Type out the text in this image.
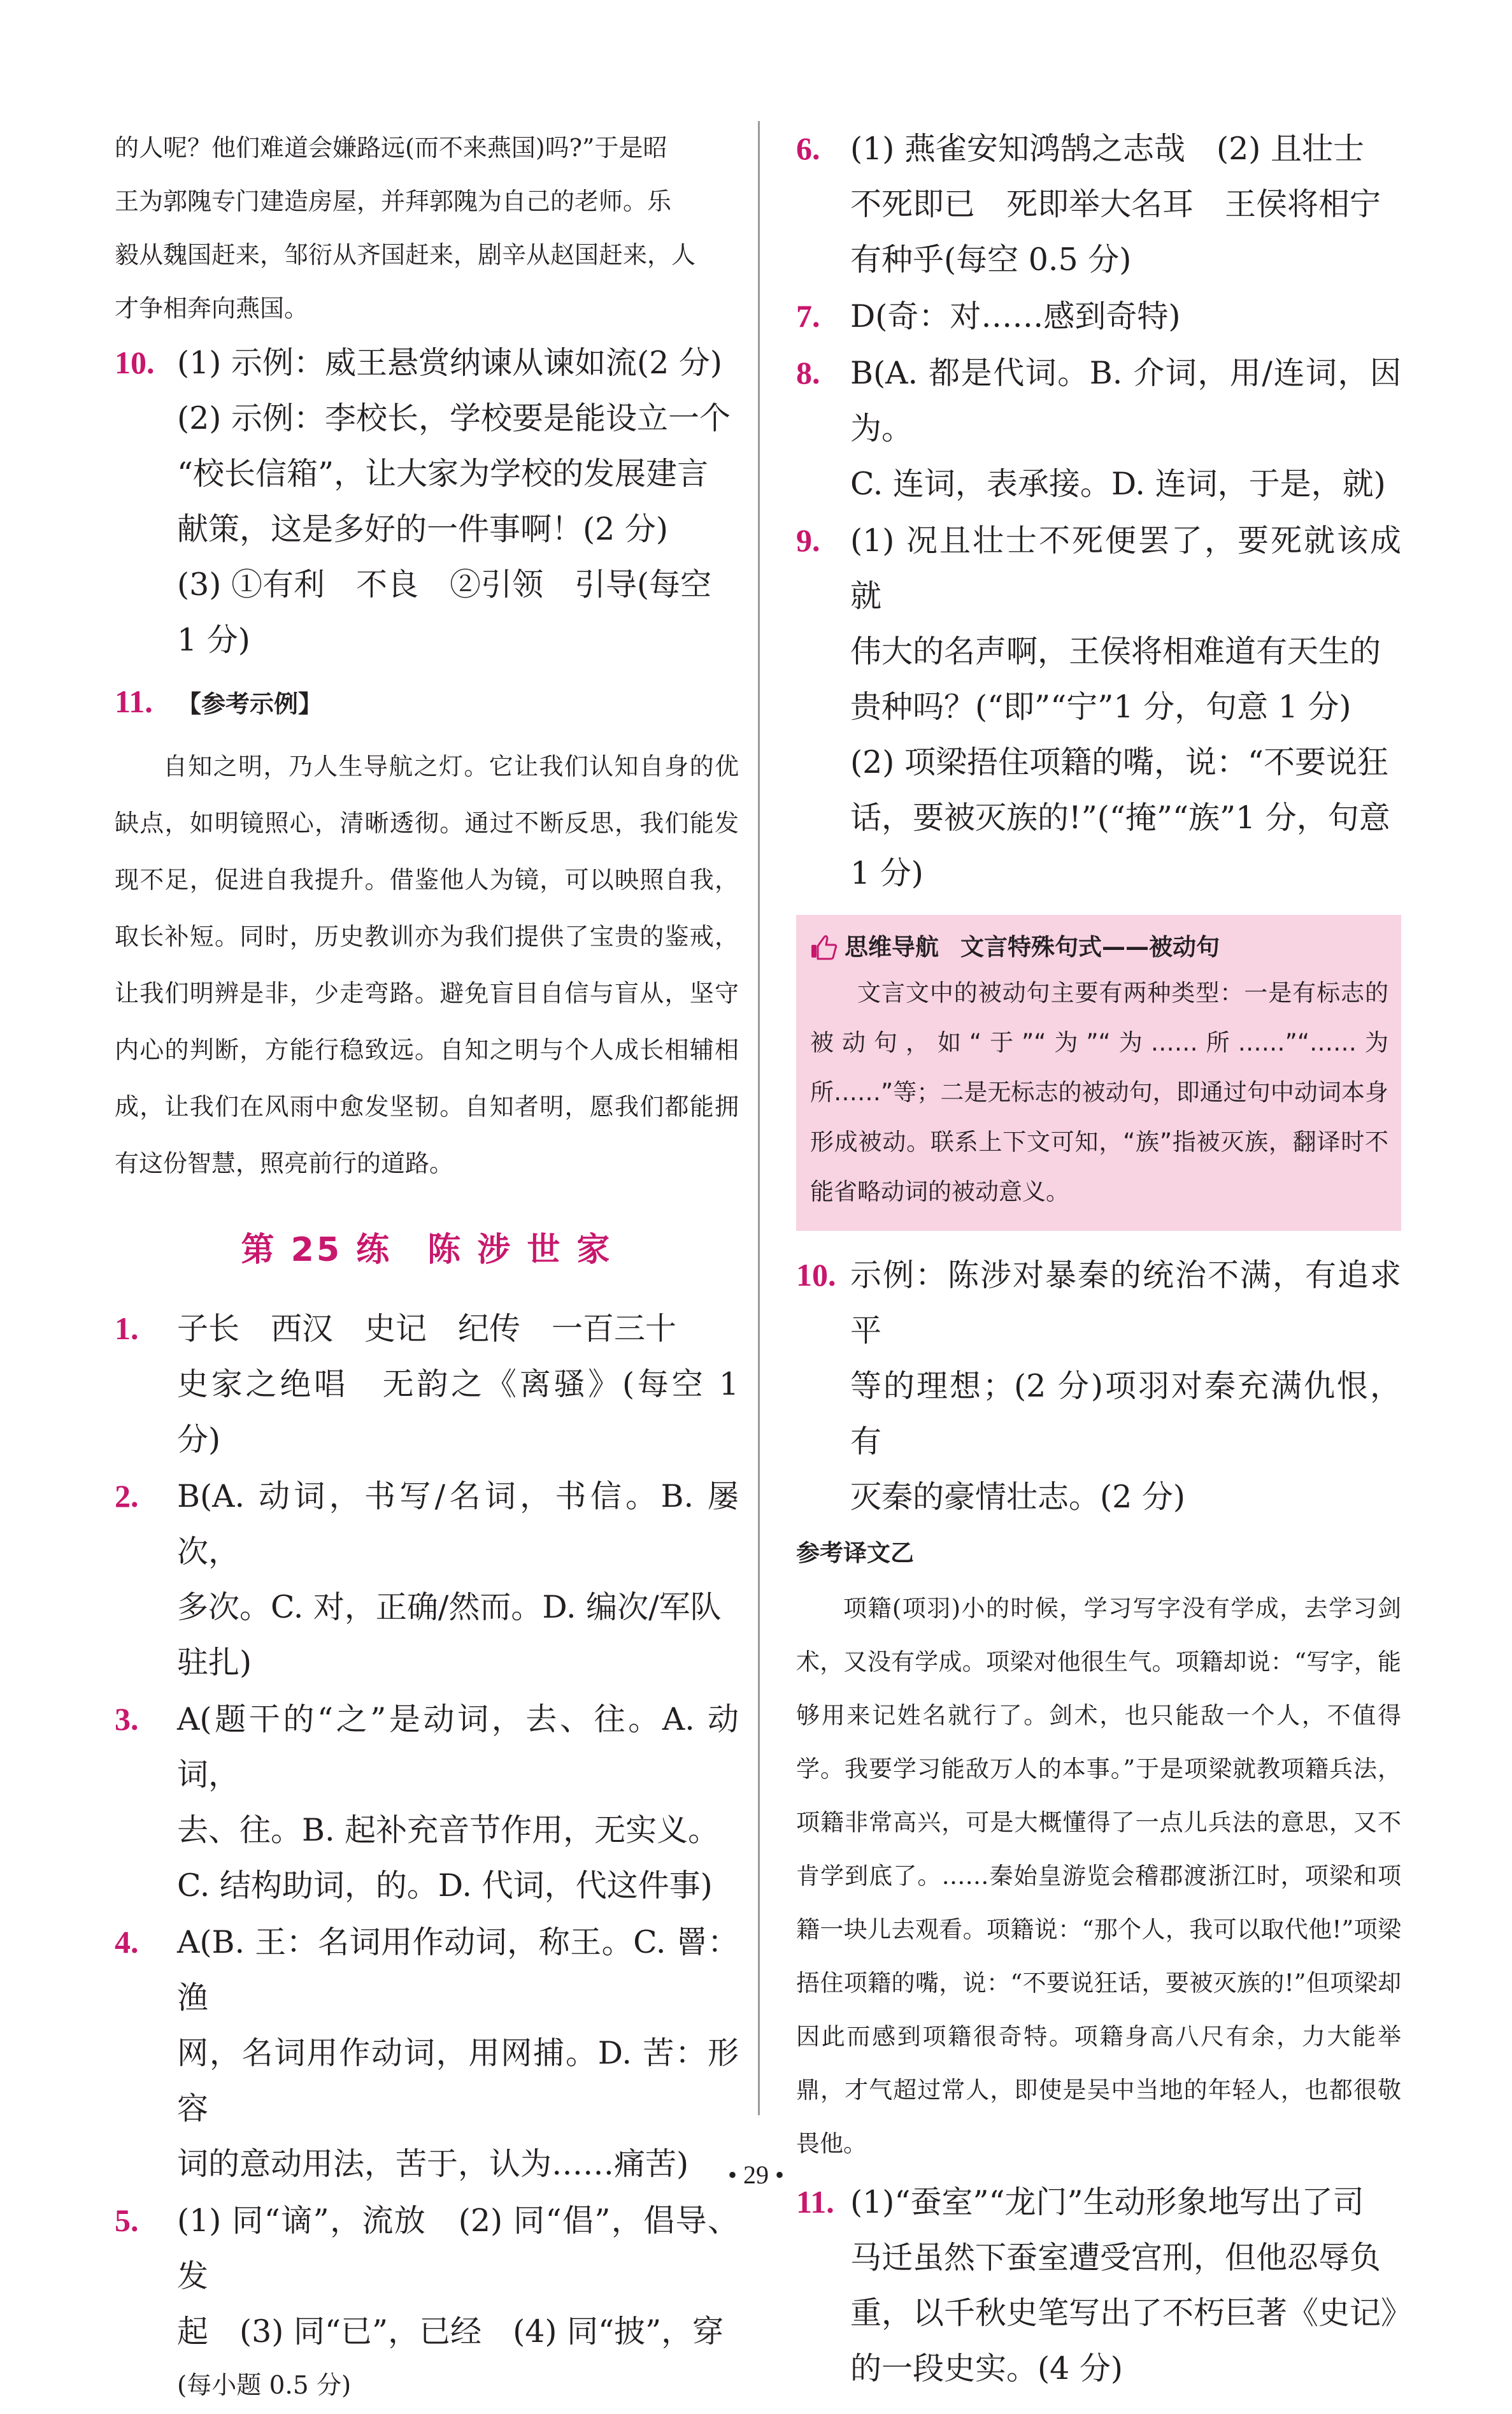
的人呢？他们难道会嫌路远(而不来燕国)吗?”于是昭
王为郭隗专门建造房屋，并拜郭隗为自己的老师。乐
毅从魏国赶来，邹衍从齐国赶来，剧辛从赵国赶来，人
才争相奔向燕国。
10. (1) 示例：威王悬赏纳谏从谏如流(2 分)
(2) 示例：李校长，学校要是能设立一个
“校长信箱”，让大家为学校的发展建言
献策，这是多好的一件事啊！(2 分)
(3) ①有利　不良　②引领　引导(每空
1 分)
11. 【参考示例】

自知之明，乃人生导航之灯。它让我们认知自身的优缺点，如明镜照心，清晰透彻。通过不断反思，我们能发现不足，促进自我提升。借鉴他人为镜，可以映照自我，取长补短。同时，历史教训亦为我们提供了宝贵的鉴戒，让我们明辨是非，少走弯路。避免盲目自信与盲从，坚守内心的判断，方能行稳致远。自知之明与个人成长相辅相成，让我们在风雨中愈发坚韧。自知者明，愿我们都能拥有这份智慧，照亮前行的道路。

第 25 练　陈 涉 世 家
1. 子长　西汉　史记　纪传　一百三十
史家之绝唱　无韵之《离骚》(每空 1 分)
2. B(A. 动词，书写/名词，书信。B. 屡次，
多次。C. 对，正确/然而。D. 编次/军队
驻扎)
3. A(题干的“之”是动词，去、往。A. 动词，
去、往。B. 起补充音节作用，无实义。
C. 结构助词，的。D. 代词，代这件事)
4. A(B. 王：名词用作动词，称王。C. 罾：渔
网，名词用作动词，用网捕。D. 苦：形容
词的意动用法，苦于，认为……痛苦)
5. (1) 同“谪”，流放　(2) 同“倡”，倡导、发
起　(3) 同“已”，已经　(4) 同“披”，穿
(每小题 0.5 分)
6. (1) 燕雀安知鸿鹄之志哉　(2) 且壮士
不死即已　死即举大名耳　王侯将相宁
有种乎(每空 0.5 分)
7. D(奇：对……感到奇特)
8. B(A. 都是代词。B. 介词，用/连词，因为。
C. 连词，表承接。D. 连词，于是，就)
9. (1) 况且壮士不死便罢了，要死就该成就
伟大的名声啊，王侯将相难道有天生的
贵种吗？(“即”“宁”1 分，句意 1 分)
(2) 项梁捂住项籍的嘴，说：“不要说狂
话，要被灭族的!”(“掩”“族”1 分，句意
1 分)
思维导航 文言特殊句式——被动句

文言文中的被动句主要有两种类型：一是有标志的被动句，如“于”“为”“为……所……”“……为所……”等；二是无标志的被动句，即通过句中动词本身形成被动。联系上下文可知，“族”指被灭族，翻译时不能省略动词的被动意义。

10. 示例：陈涉对暴秦的统治不满，有追求平
等的理想；(2 分)项羽对秦充满仇恨，有
灭秦的豪情壮志。(2 分)
参考译文乙

项籍(项羽)小的时候，学习写字没有学成，去学习剑术，又没有学成。项梁对他很生气。项籍却说：“写字，能够用来记姓名就行了。剑术，也只能敌一个人，不值得学。我要学习能敌万人的本事。”于是项梁就教项籍兵法，项籍非常高兴，可是大概懂得了一点儿兵法的意思，又不肯学到底了。……秦始皇游览会稽郡渡浙江时，项梁和项籍一块儿去观看。项籍说：“那个人，我可以取代他!”项梁捂住项籍的嘴，说：“不要说狂话，要被灭族的!”但项梁却因此而感到项籍很奇特。项籍身高八尺有余，力大能举鼎，才气超过常人，即使是吴中当地的年轻人，也都很敬畏他。

11. (1)“蚕室”“龙门”生动形象地写出了司
马迁虽然下蚕室遭受宫刑，但他忍辱负
重，以千秋史笔写出了不朽巨著《史记》
的一段史实。(4 分)
• 29 •
